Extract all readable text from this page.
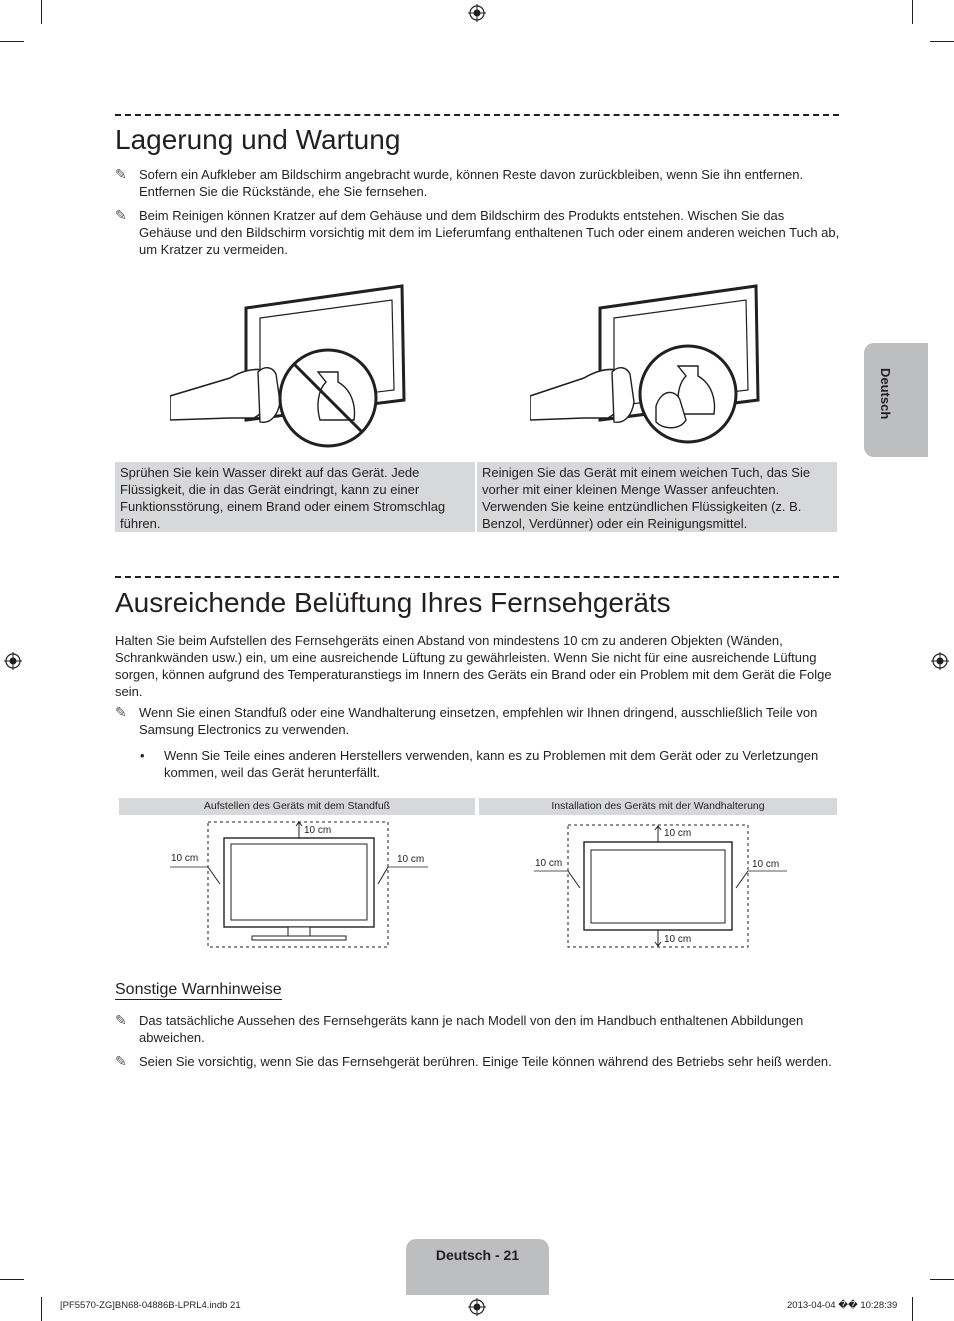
Lagerung und Wartung
✎ Sofern ein Aufkleber am Bildschirm angebracht wurde, können Reste davon zurückbleiben, wenn Sie ihn entfernen. Entfernen Sie die Rückstände, ehe Sie fernsehen.
✎ Beim Reinigen können Kratzer auf dem Gehäuse und dem Bildschirm des Produkts entstehen. Wischen Sie das Gehäuse und den Bildschirm vorsichtig mit dem im Lieferumfang enthaltenen Tuch oder einem anderen weichen Tuch ab, um Kratzer zu vermeiden.
Sprühen Sie kein Wasser direkt auf das Gerät. Jede Flüssigkeit, die in das Gerät eindringt, kann zu einer Funktionsstörung, einem Brand oder einem Stromschlag führen.
Reinigen Sie das Gerät mit einem weichen Tuch, das Sie vorher mit einer kleinen Menge Wasser anfeuchten. Verwenden Sie keine entzündlichen Flüssigkeiten (z. B. Benzol, Verdünner) oder ein Reinigungsmittel.
Deutsch
Ausreichende Belüftung Ihres Fernsehgeräts
Halten Sie beim Aufstellen des Fernsehgeräts einen Abstand von mindestens 10 cm zu anderen Objekten (Wänden, Schrankwänden usw.) ein, um eine ausreichende Lüftung zu gewährleisten. Wenn Sie nicht für eine ausreichende Lüftung sorgen, können aufgrund des Temperaturanstiegs im Innern des Geräts ein Brand oder ein Problem mit dem Gerät die Folge sein.
✎ Wenn Sie einen Standfuß oder eine Wandhalterung einsetzen, empfehlen wir Ihnen dringend, ausschließlich Teile von Samsung Electronics zu verwenden.
• Wenn Sie Teile eines anderen Herstellers verwenden, kann es zu Problemen mit dem Gerät oder zu Verletzungen kommen, weil das Gerät herunterfällt.
Aufstellen des Geräts mit dem Standfuß	Installation des Geräts mit der Wandhalterung
10 cm
10 cm	10 cm
10 cm
10 cm	10 cm
10 cm
Sonstige Warnhinweise
✎ Das tatsächliche Aussehen des Fernsehgeräts kann je nach Modell von den im Handbuch enthaltenen Abbildungen abweichen.
✎ Seien Sie vorsichtig, wenn Sie das Fernsehgerät berühren. Einige Teile können während des Betriebs sehr heiß werden.
Deutsch - 21
[PF5570-ZG]BN68-04886B-LPRL4.indb 21	2013-04-04 �� 10:28:39
